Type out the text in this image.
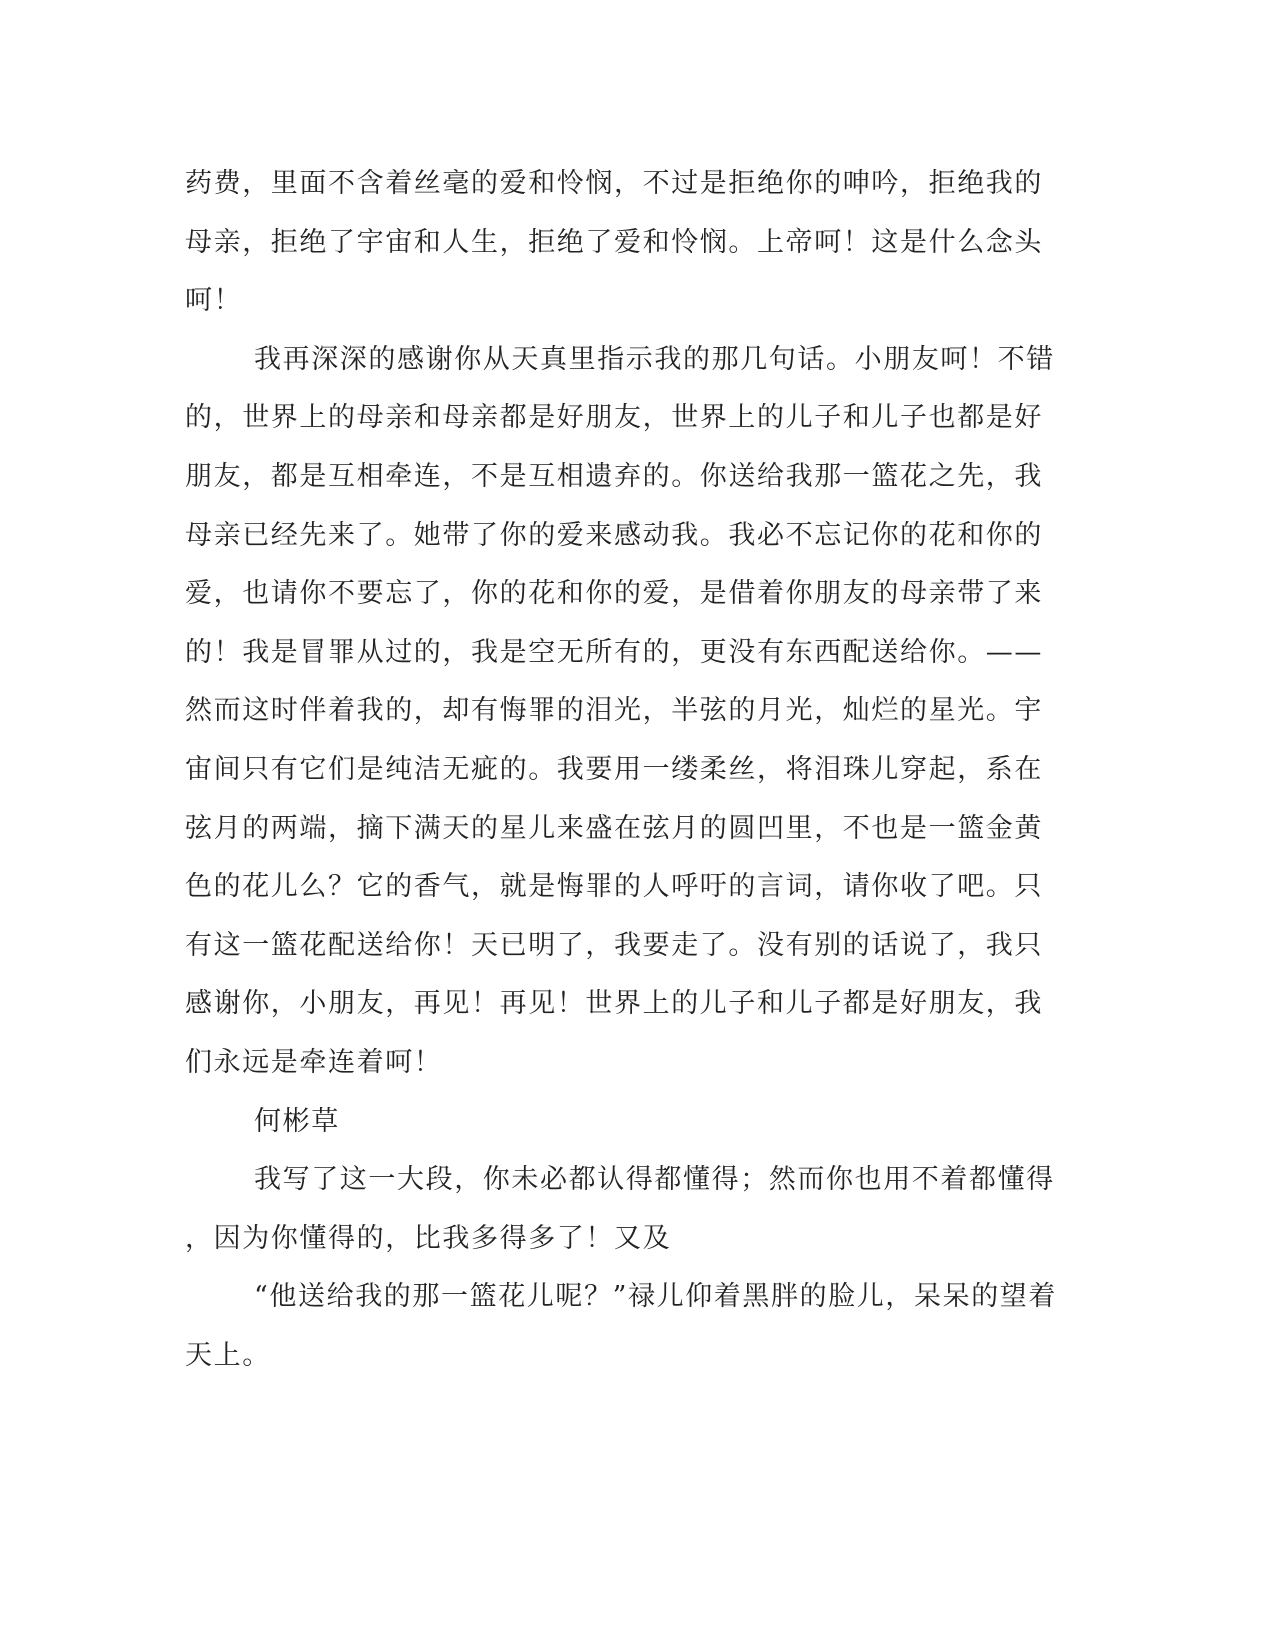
药费，里面不含着丝毫的爱和怜悯，不过是拒绝你的呻吟，拒绝我的
母亲，拒绝了宇宙和人生，拒绝了爱和怜悯。上帝呵！这是什么念头
呵！
我再深深的感谢你从天真里指示我的那几句话。小朋友呵！不错
的，世界上的母亲和母亲都是好朋友，世界上的儿子和儿子也都是好
朋友，都是互相牵连，不是互相遗弃的。你送给我那一篮花之先，我
母亲已经先来了。她带了你的爱来感动我。我必不忘记你的花和你的
爱，也请你不要忘了，你的花和你的爱，是借着你朋友的母亲带了来
的！我是冒罪从过的，我是空无所有的，更没有东西配送给你。——
然而这时伴着我的，却有悔罪的泪光，半弦的月光，灿烂的星光。宇
宙间只有它们是纯洁无疵的。我要用一缕柔丝，将泪珠儿穿起，系在
弦月的两端，摘下满天的星儿来盛在弦月的圆凹里，不也是一篮金黄
色的花儿么？它的香气，就是悔罪的人呼吁的言词，请你收了吧。只
有这一篮花配送给你！天已明了，我要走了。没有别的话说了，我只
感谢你，小朋友，再见！再见！世界上的儿子和儿子都是好朋友，我
们永远是牵连着呵！
何彬草
我写了这一大段，你未必都认得都懂得；然而你也用不着都懂得
，因为你懂得的，比我多得多了！又及
“他送给我的那一篮花儿呢？”禄儿仰着黑胖的脸儿，呆呆的望着
天上。
